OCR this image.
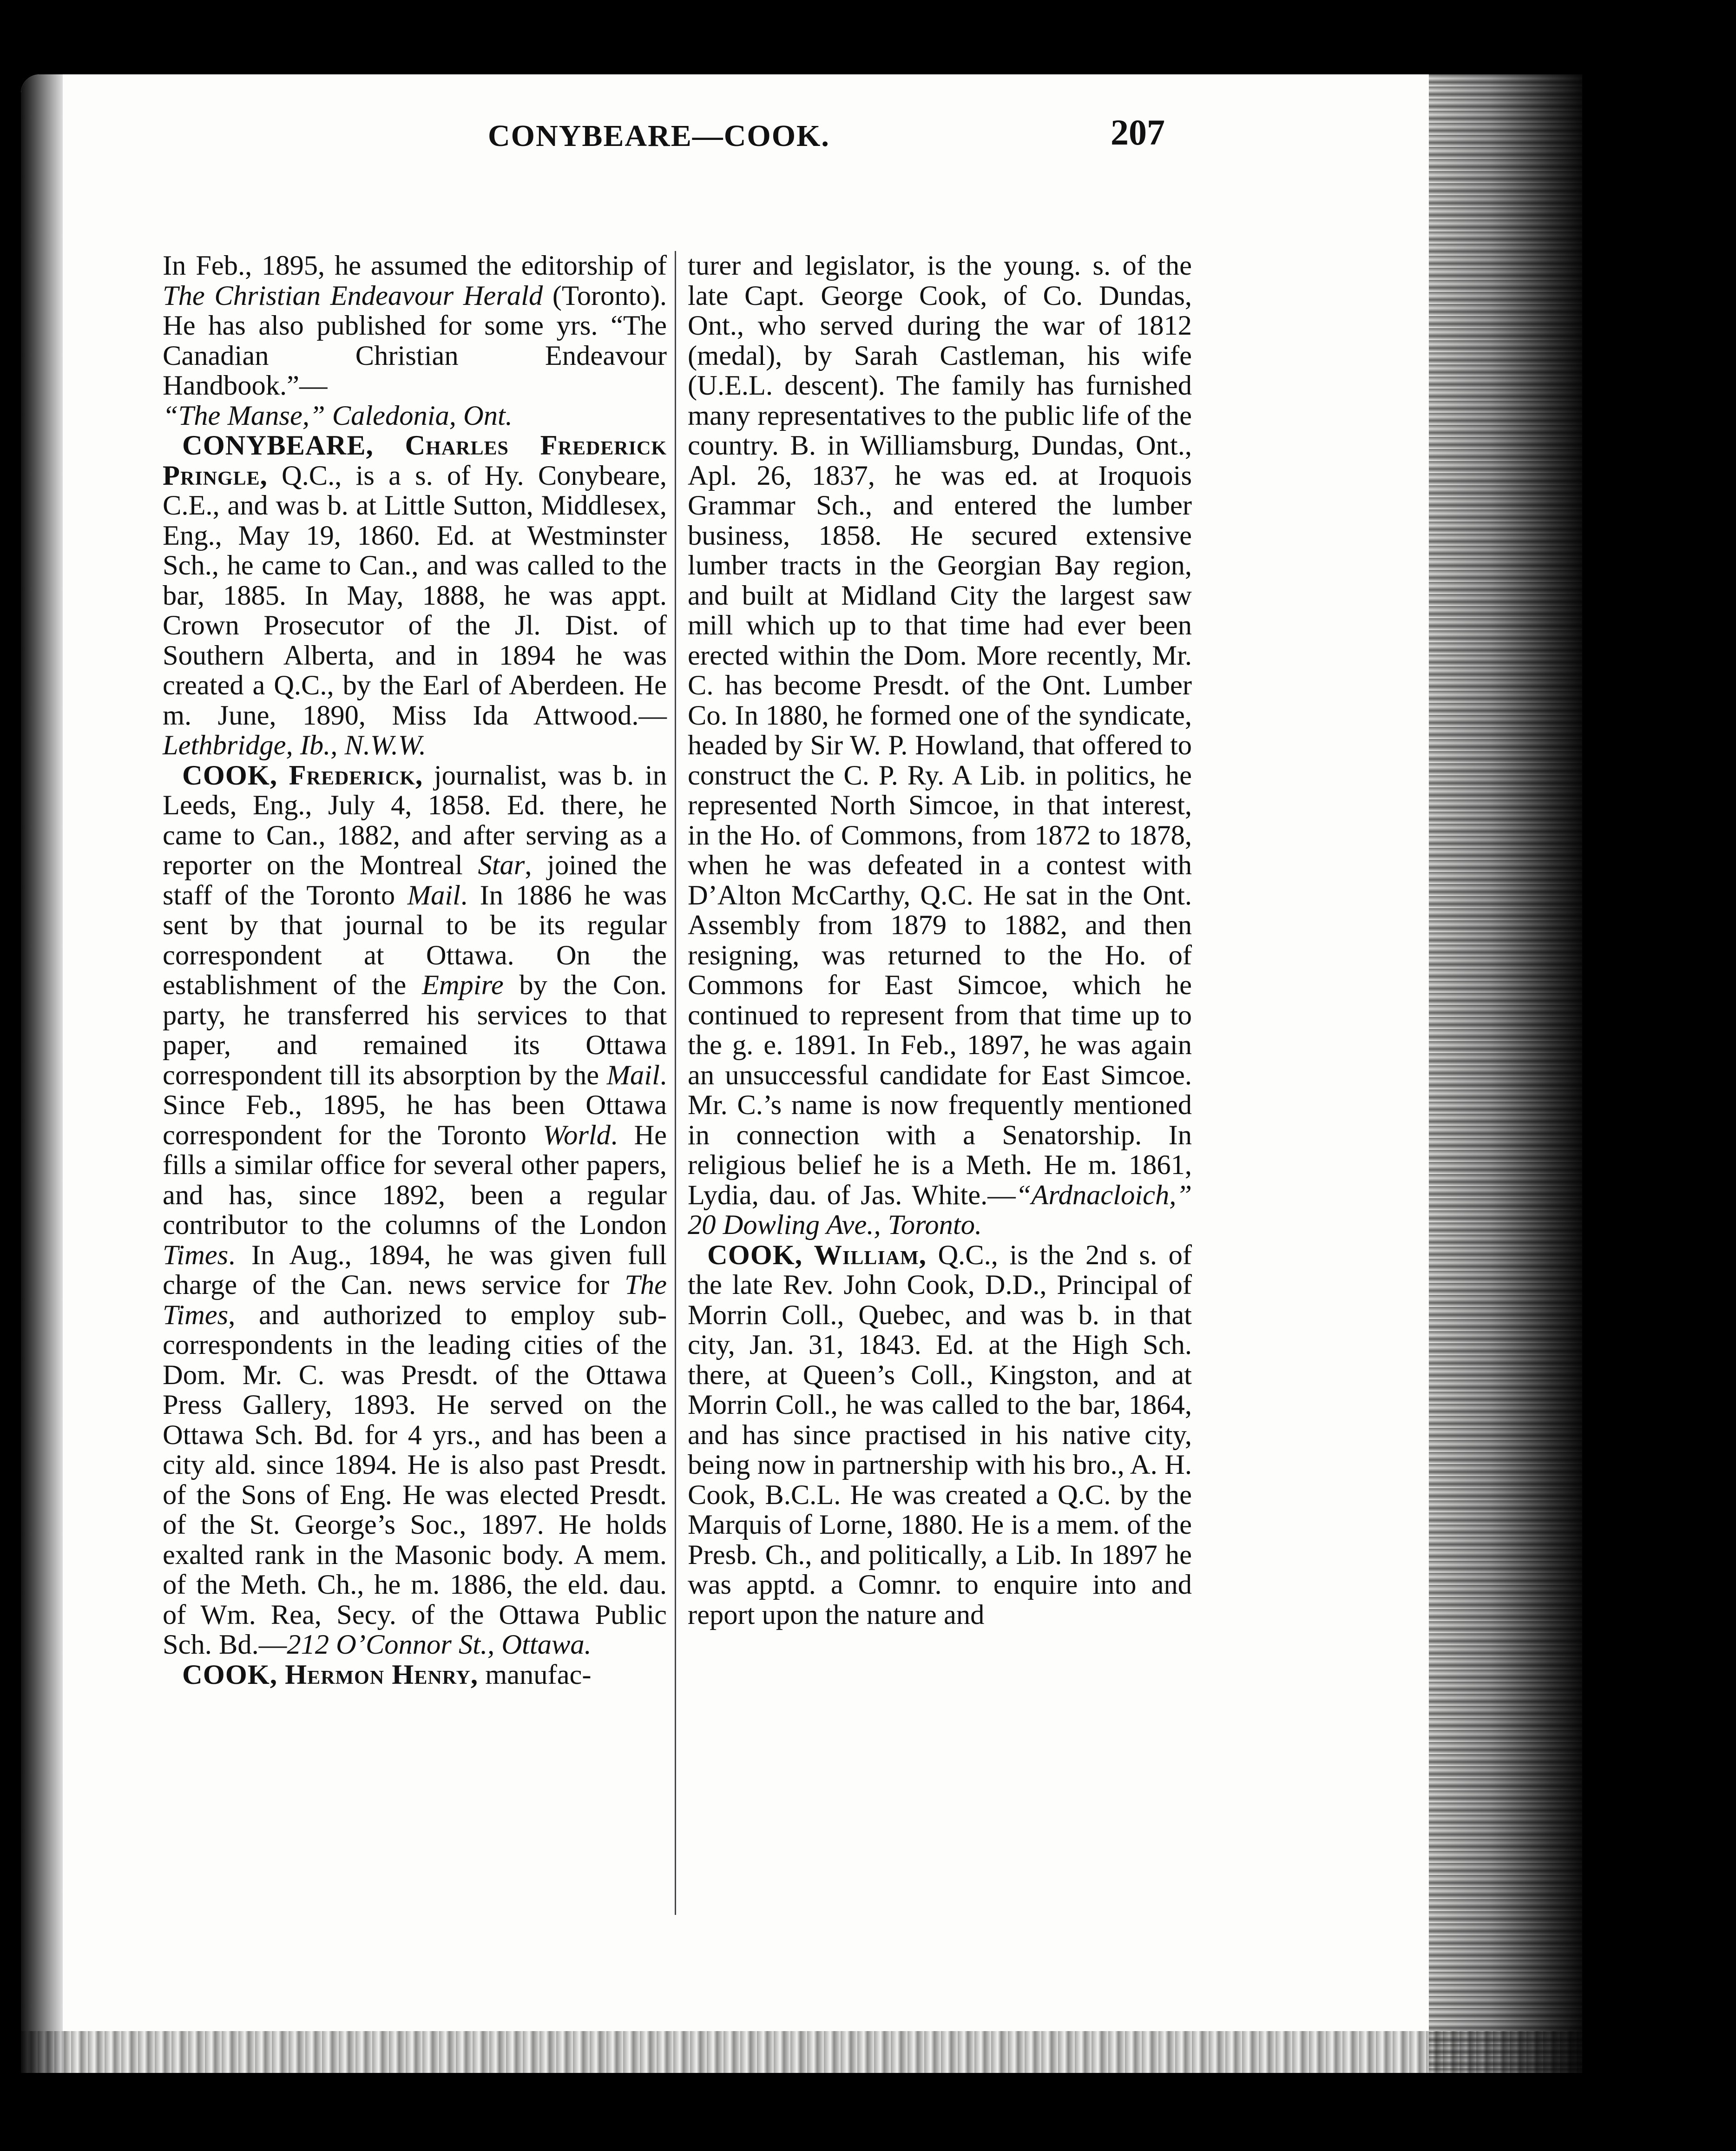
CONYBEARE—COOK.	207

In Feb., 1895, he assumed the editorship of The Christian Endeavour Herald (Toronto). He has also published for some yrs. “The Canadian Christian Endeavour Handbook.”—
“The Manse,” Caledonia, Ont.

CONYBEARE, Charles Frederick Pringle, Q.C., is a s. of Hy. Conybeare, C.E., and was b. at Little Sutton, Middlesex, Eng., May 19, 1860. Ed. at Westminster Sch., he came to Can., and was called to the bar, 1885. In May, 1888, he was appt. Crown Prosecutor of the Jl. Dist. of Southern Alberta, and in 1894 he was created a Q.C., by the Earl of Aberdeen. He m. June, 1890, Miss Ida Attwood.—Lethbridge, Ib., N.W.W.

COOK, Frederick, journalist, was b. in Leeds, Eng., July 4, 1858. Ed. there, he came to Can., 1882, and after serving as a reporter on the Montreal Star, joined the staff of the Toronto Mail. In 1886 he was sent by that journal to be its regular correspondent at Ottawa. On the establishment of the Empire by the Con. party, he transferred his services to that paper, and remained its Ottawa correspondent till its absorption by the Mail. Since Feb., 1895, he has been Ottawa correspondent for the Toronto World. He fills a similar office for several other papers, and has, since 1892, been a regular contributor to the columns of the London Times. In Aug., 1894, he was given full charge of the Can. news service for The Times, and authorized to employ sub-correspondents in the leading cities of the Dom. Mr. C. was Presdt. of the Ottawa Press Gallery, 1893. He served on the Ottawa Sch. Bd. for 4 yrs., and has been a city ald. since 1894. He is also past Presdt. of the Sons of Eng. He was elected Presdt. of the St. George’s Soc., 1897. He holds exalted rank in the Masonic body. A mem. of the Meth. Ch., he m. 1886, the eld. dau. of Wm. Rea, Secy. of the Ottawa Public Sch. Bd.—212 O’Connor St., Ottawa.

COOK, Hermon Henry, manufac-

turer and legislator, is the young. s. of the late Capt. George Cook, of Co. Dundas, Ont., who served during the war of 1812 (medal), by Sarah Castleman, his wife (U.E.L. descent). The family has furnished many representatives to the public life of the country. B. in Williamsburg, Dundas, Ont., Apl. 26, 1837, he was ed. at Iroquois Grammar Sch., and entered the lumber business, 1858. He secured extensive lumber tracts in the Georgian Bay region, and built at Midland City the largest saw mill which up to that time had ever been erected within the Dom. More recently, Mr. C. has become Presdt. of the Ont. Lumber Co. In 1880, he formed one of the syndicate, headed by Sir W. P. Howland, that offered to construct the C. P. Ry. A Lib. in politics, he represented North Simcoe, in that interest, in the Ho. of Commons, from 1872 to 1878, when he was defeated in a contest with D’Alton McCarthy, Q.C. He sat in the Ont. Assembly from 1879 to 1882, and then resigning, was returned to the Ho. of Commons for East Simcoe, which he continued to represent from that time up to the g. e. 1891. In Feb., 1897, he was again an unsuccessful candidate for East Simcoe. Mr. C.’s name is now frequently mentioned in connection with a Senatorship. In religious belief he is a Meth. He m. 1861, Lydia, dau. of Jas. White.—“Ardnacloich,” 20 Dowling Ave., Toronto.

COOK, William, Q.C., is the 2nd s. of the late Rev. John Cook, D.D., Principal of Morrin Coll., Quebec, and was b. in that city, Jan. 31, 1843. Ed. at the High Sch. there, at Queen’s Coll., Kingston, and at Morrin Coll., he was called to the bar, 1864, and has since practised in his native city, being now in partnership with his bro., A. H. Cook, B.C.L. He was created a Q.C. by the Marquis of Lorne, 1880. He is a mem. of the Presb. Ch., and politically, a Lib. In 1897 he was apptd. a Comnr. to enquire into and report upon the nature and
